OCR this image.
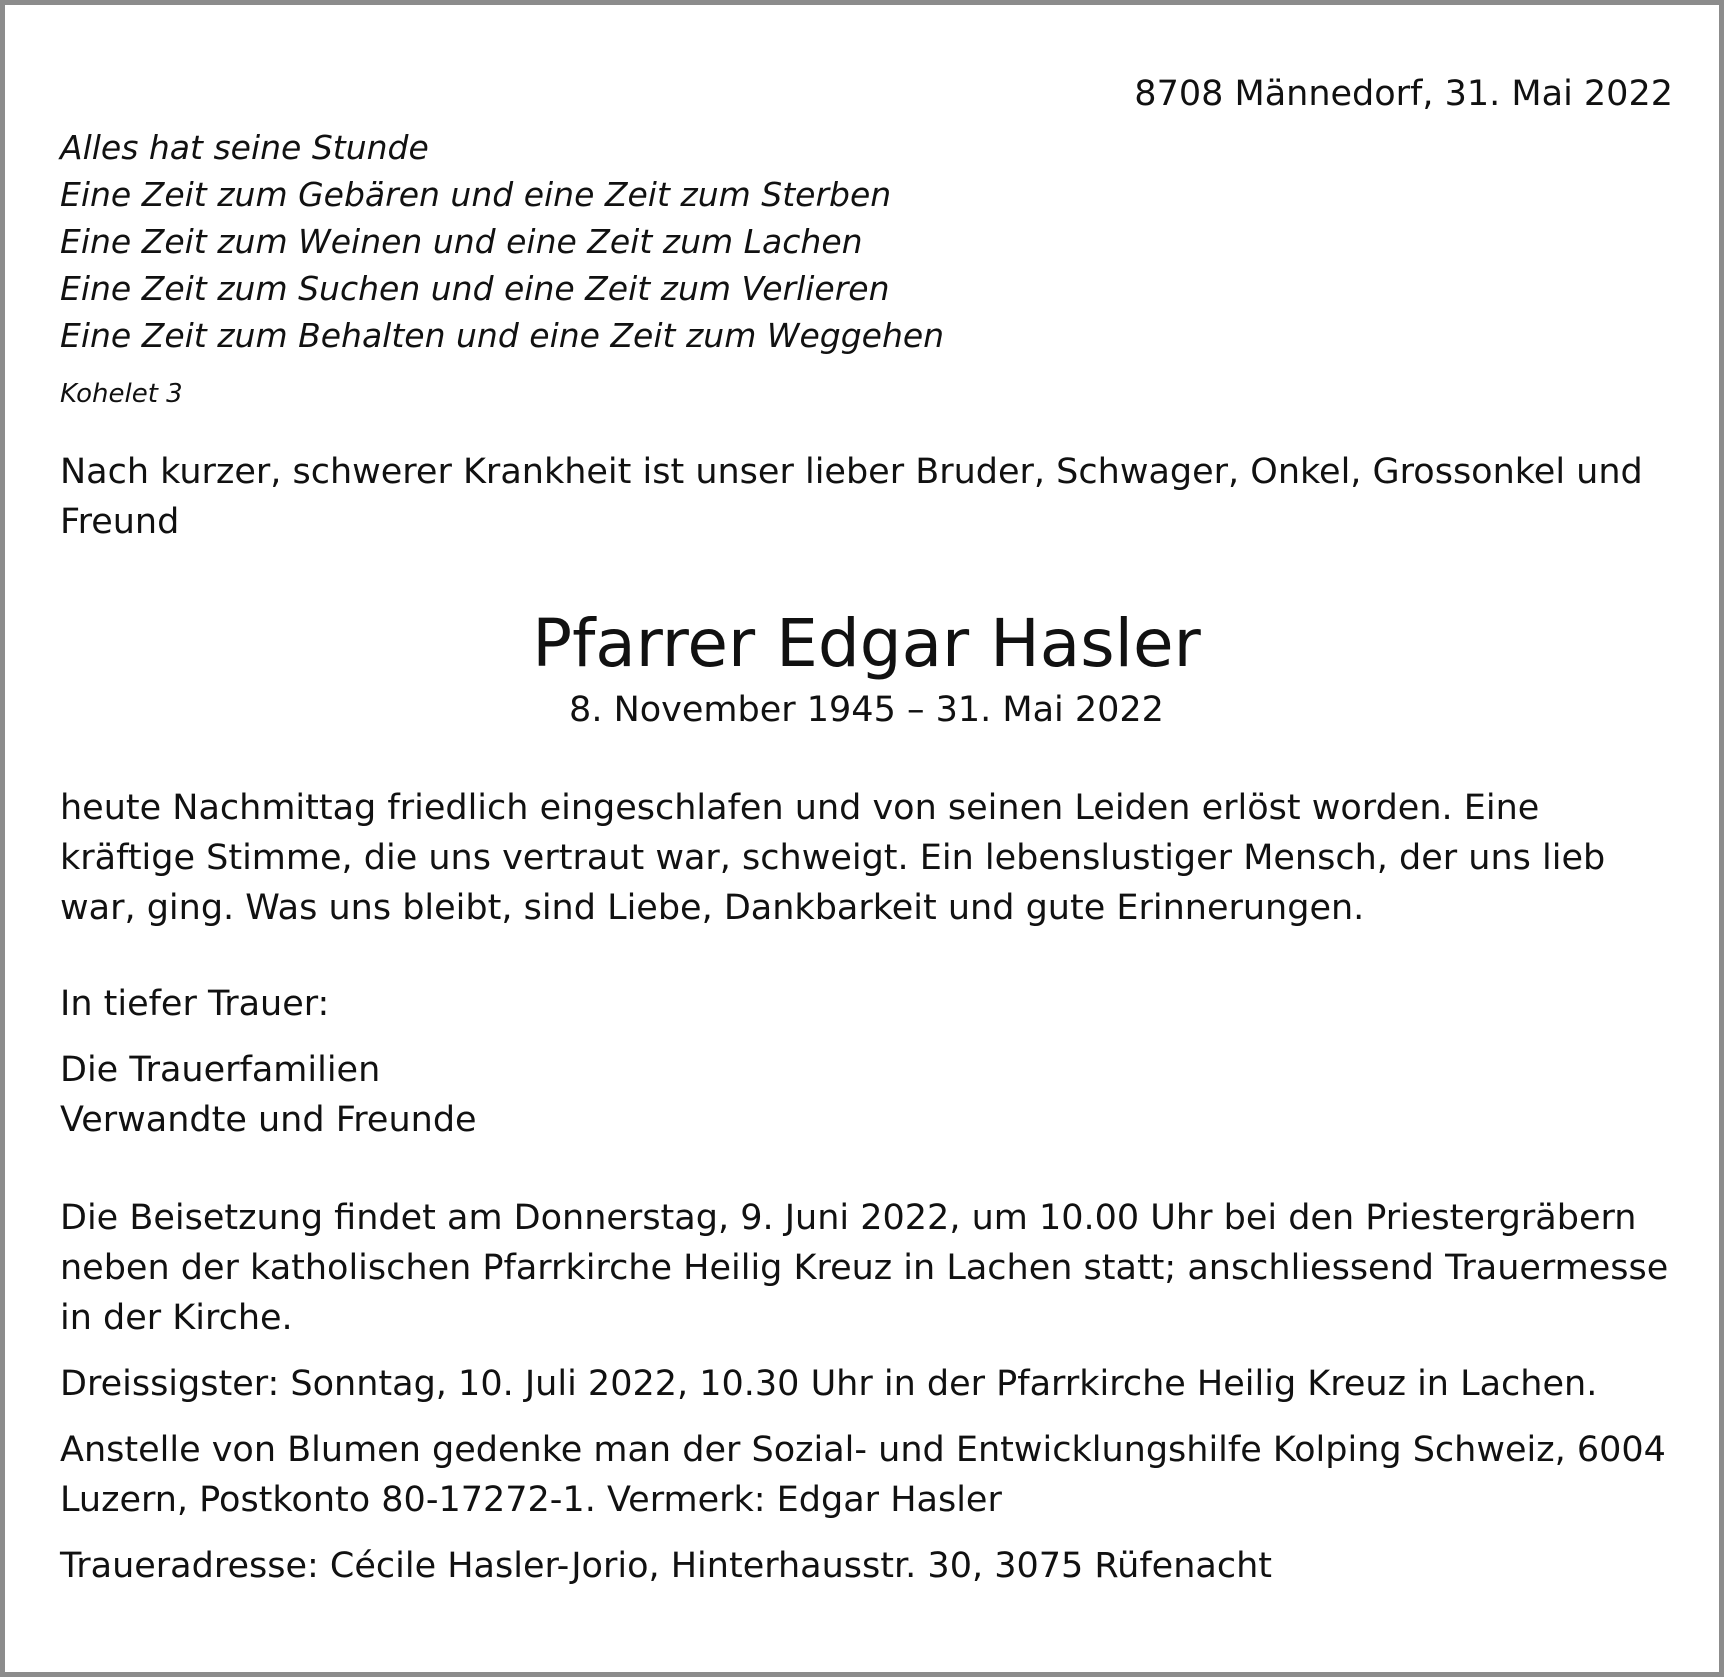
8708 Männedorf, 31. Mai 2022

Alles hat seine Stunde
Eine Zeit zum Gebären und eine Zeit zum Sterben
Eine Zeit zum Weinen und eine Zeit zum Lachen
Eine Zeit zum Suchen und eine Zeit zum Verlieren
Eine Zeit zum Behalten und eine Zeit zum Weggehen

Kohelet 3

Nach kurzer, schwerer Krankheit ist unser lieber Bruder, Schwager, Onkel, Grossonkel und Freund

Pfarrer Edgar Hasler

8. November 1945 – 31. Mai 2022

heute Nachmittag friedlich eingeschlafen und von seinen Leiden erlöst worden. Eine kräftige Stimme, die uns vertraut war, schweigt. Ein lebenslustiger Mensch, der uns lieb war, ging. Was uns bleibt, sind Liebe, Dankbarkeit und gute Erinnerungen.

In tiefer Trauer:

Die Trauerfamilien
Verwandte und Freunde

Die Beisetzung findet am Donnerstag, 9. Juni 2022, um 10.00 Uhr bei den Priestergräbern neben der katholischen Pfarrkirche Heilig Kreuz in Lachen statt; anschliessend Trauermesse in der Kirche.

Dreissigster: Sonntag, 10. Juli 2022, 10.30 Uhr in der Pfarrkirche Heilig Kreuz in Lachen.

Anstelle von Blumen gedenke man der Sozial- und Entwicklungshilfe Kolping Schweiz, 6004 Luzern, Postkonto 80-17272-1. Vermerk: Edgar Hasler

Traueradresse: Cécile Hasler-Jorio, Hinterhausstr. 30, 3075 Rüfenacht
